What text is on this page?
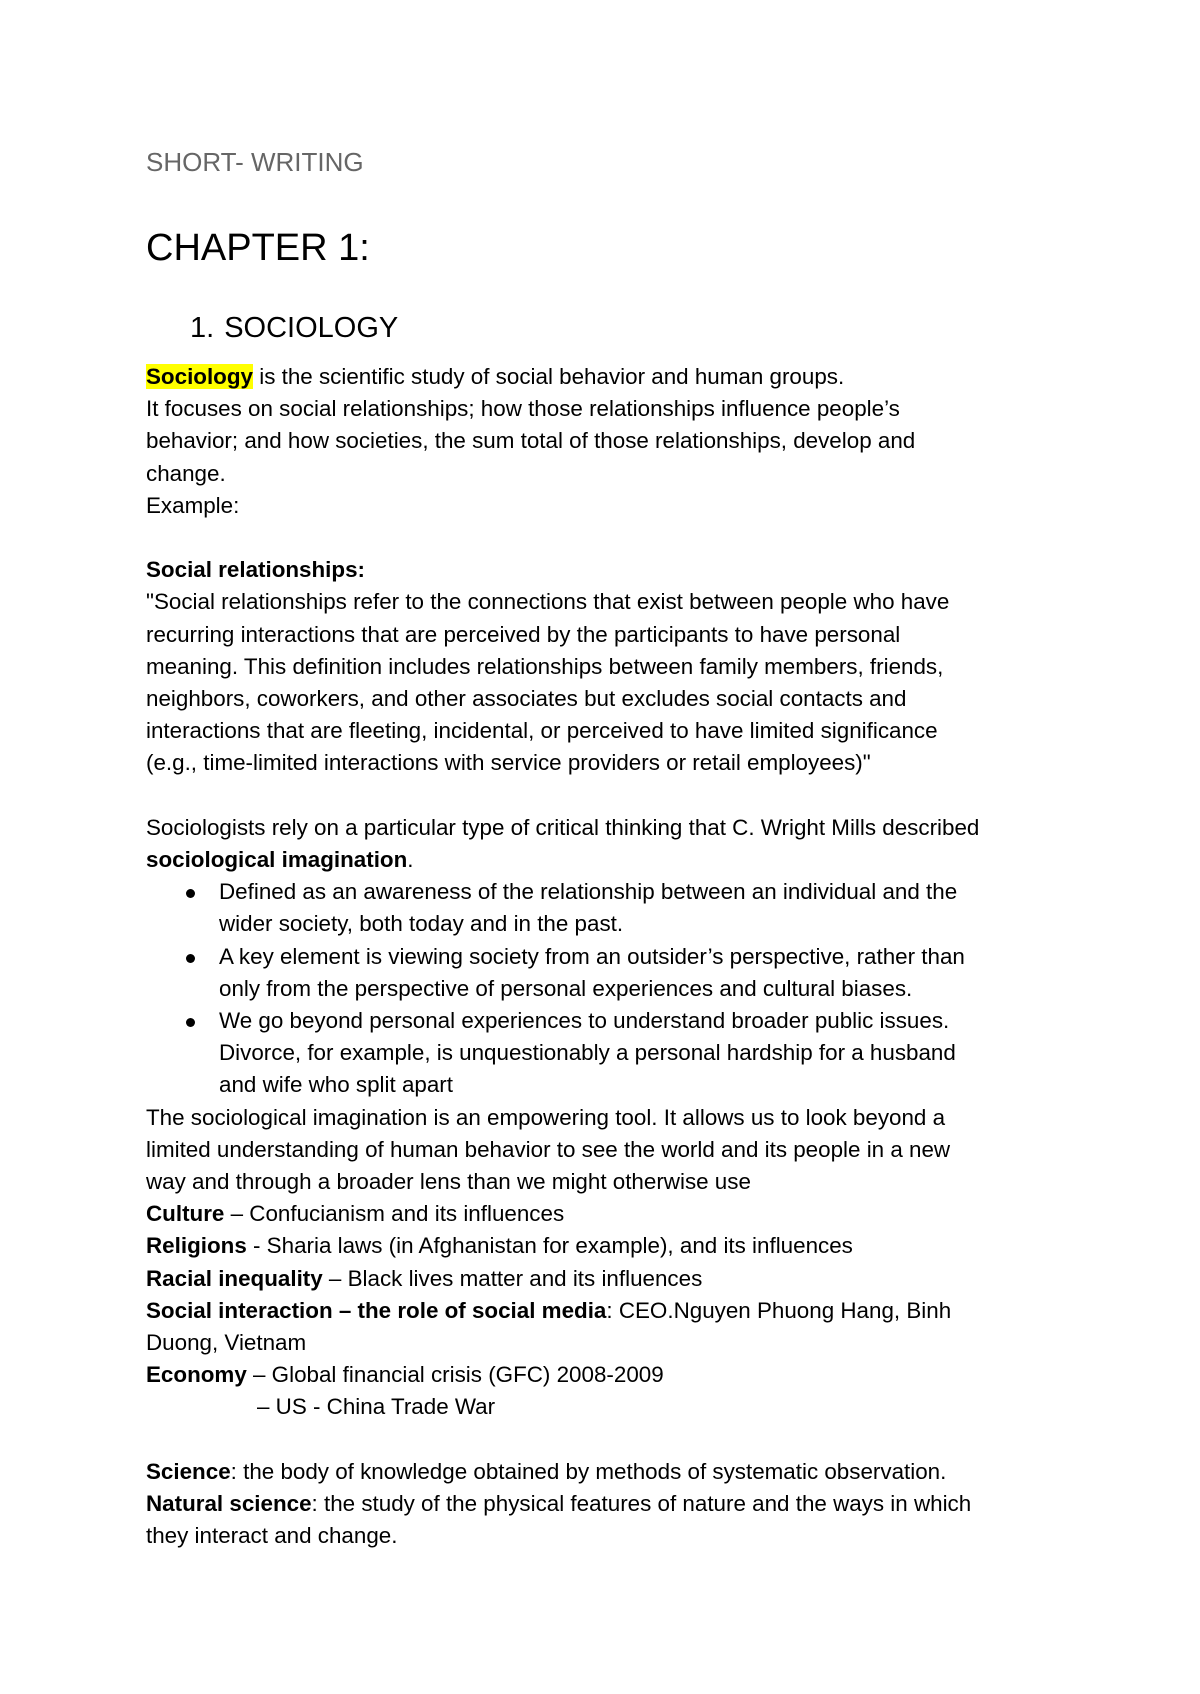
SHORT- WRITING
CHAPTER 1:
1. SOCIOLOGY
Sociology is the scientific study of social behavior and human groups.
It focuses on social relationships; how those relationships influence people’s
behavior; and how societies, the sum total of those relationships, develop and
change.
Example:
Social relationships:
"Social relationships refer to the connections that exist between people who have
recurring interactions that are perceived by the participants to have personal
meaning. This definition includes relationships between family members, friends,
neighbors, coworkers, and other associates but excludes social contacts and
interactions that are fleeting, incidental, or perceived to have limited significance
(e.g., time-limited interactions with service providers or retail employees)"
Sociologists rely on a particular type of critical thinking that C. Wright Mills described
sociological imagination.
Defined as an awareness of the relationship between an individual and the
wider society, both today and in the past.
A key element is viewing society from an outsider’s perspective, rather than
only from the perspective of personal experiences and cultural biases.
We go beyond personal experiences to understand broader public issues.
Divorce, for example, is unquestionably a personal hardship for a husband
and wife who split apart
The sociological imagination is an empowering tool. It allows us to look beyond a
limited understanding of human behavior to see the world and its people in a new
way and through a broader lens than we might otherwise use
Culture – Confucianism and its influences
Religions - Sharia laws (in Afghanistan for example), and its influences
Racial inequality – Black lives matter and its influences
Social interaction – the role of social media: CEO.Nguyen Phuong Hang, Binh
Duong, Vietnam
Economy – Global financial crisis (GFC) 2008-2009
– US - China Trade War
Science: the body of knowledge obtained by methods of systematic observation.
Natural science: the study of the physical features of nature and the ways in which
they interact and change.
